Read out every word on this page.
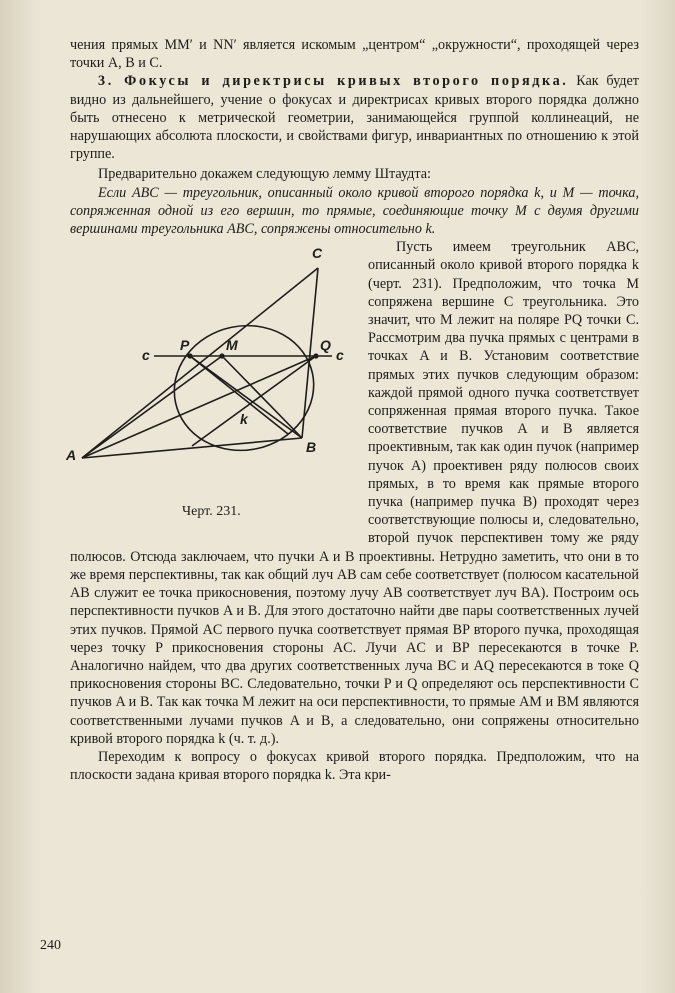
чения прямых MM′ и NN′ является искомым „центром“ „окружности“, проходящей через точки A, B и C.

3. Фокусы и директрисы кривых второго порядка. Как будет видно из дальнейшего, учение о фокусах и директрисах кривых второго порядка должно быть отнесено к метрической геометрии, занимающейся группой коллинеаций, не нарушающих абсолюта плоскости, и свойствами фигур, инвариантных по отношению к этой группе.

Предварительно докажем следующую лемму Штаудта:

Если ABC — треугольник, описанный около кривой второго порядка k, и M — точка, сопряженная одной из его вершин, то прямые, соединяющие точку M с двумя другими вершинами треугольника ABC, сопряжены относительно k.

C
A	B
P	M	Q
k
c	c
Черт. 231.

Пусть имеем треугольник ABC, описанный около кривой второго порядка k (черт. 231). Предположим, что точка M сопряжена вершине C треугольника. Это значит, что M лежит на поляре PQ точки C. Рассмотрим два пучка прямых с центрами в точках A и B. Установим соответствие прямых этих пучков следующим образом: каждой прямой одного пучка соответствует сопряженная прямая второго пучка. Такое соответствие пучков A и B является проективным, так как один пучок (например пучок A) проективен ряду полюсов своих прямых, в то время как прямые второго пучка (например пучка B) проходят через соответствующие полюсы и, следовательно, второй пучок перспективен тому же ряду полюсов. Отсюда заключаем, что пучки A и B проективны. Нетрудно заметить, что они в то же время перспективны, так как общий луч AB сам себе соответствует (полюсом касательной AB служит ее точка прикосновения, поэтому лучу AB соответствует луч BA). Построим ось перспективности пучков A и B. Для этого достаточно найти две пары соответственных лучей этих пучков. Прямой AC первого пучка соответствует прямая BP второго пучка, проходящая через точку P прикосновения стороны AC. Лучи AC и BP пересекаются в точке P. Аналогично найдем, что два других соответственных луча BC и AQ пересекаются в токе Q прикосновения стороны BC. Следовательно, точки P и Q определяют ось перспективности C пучков A и B. Так как точка M лежит на оси перспективности, то прямые AM и BM являются соответственными лучами пучков A и B, а следовательно, они сопряжены относительно кривой второго порядка k (ч. т. д.).

Переходим к вопросу о фокусах кривой второго порядка. Предположим, что на плоскости задана кривая второго порядка k. Эта кри-

240
